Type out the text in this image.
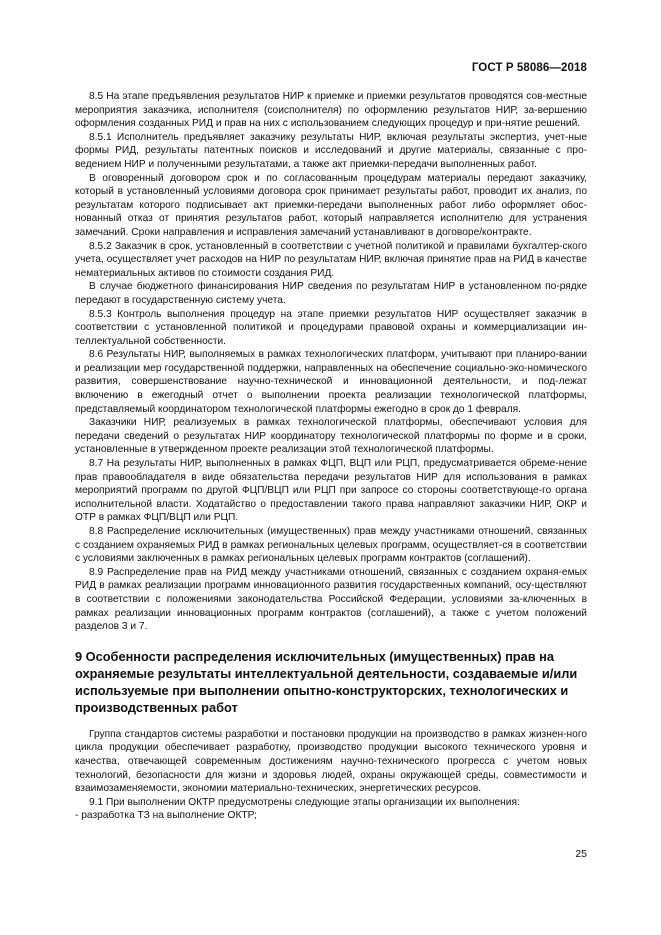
ГОСТ Р 58086—2018

8.5 На этапе предъявления результатов НИР к приемке и приемки результатов проводятся сов-местные мероприятия заказчика, исполнителя (соисполнителя) по оформлению результатов НИР, за-вершению оформления созданных РИД и прав на них с использованием следующих процедур и при-нятие решений.

8.5.1 Исполнитель предъявляет заказчику результаты НИР, включая результаты экспертиз, учет-ные формы РИД, результаты патентных поисков и исследований и другие материалы, связанные с про-ведением НИР и полученными результатами, а также акт приемки-передачи выполненных работ.

В оговоренный договором срок и по согласованным процедурам материалы передают заказчику, который в установленный условиями договора срок принимает результаты работ, проводит их анализ, по результатам которого подписывает акт приемки-передачи выполненных работ либо оформляет обос-нованный отказ от принятия результатов работ, который направляется исполнителю для устранения замечаний. Сроки направления и исправления замечаний устанавливают в договоре/контракте.

8.5.2 Заказчик в срок, установленный в соответствии с учетной политикой и правилами бухгалтер-ского учета, осуществляет учет расходов на НИР по результатам НИР, включая принятие прав на РИД в качестве нематериальных активов по стоимости создания РИД.

В случае бюджетного финансирования НИР сведения по результатам НИР в установленном по-рядке передают в государственную систему учета.

8.5.3 Контроль выполнения процедур на этапе приемки результатов НИР осуществляет заказчик в соответствии с установленной политикой и процедурами правовой охраны и коммерциализации ин-теллектуальной собственности.

8.6 Результаты НИР, выполняемых в рамках технологических платформ, учитывают при планиро-вании и реализации мер государственной поддержки, направленных на обеспечение социально-эко-номического развития, совершенствование научно-технической и инновационной деятельности, и под-лежат включению в ежегодный отчет о выполнении проекта реализации технологической платформы, представляемый координатором технологической платформы ежегодно в срок до 1 февраля.

Заказчики НИР, реализуемых в рамках технологической платформы, обеспечивают условия для передачи сведений о результатах НИР координатору технологической платформы по форме и в сроки, установленные в утвержденном проекте реализации этой технологической платформы.

8.7 На результаты НИР, выполненных в рамках ФЦП, ВЦП или РЦП, предусматривается обреме-нение прав правообладателя в виде обязательства передачи результатов НИР для использования в рамках мероприятий программ по другой ФЦП/ВЦП или РЦП при запросе со стороны соответствующе-го органа исполнительной власти. Ходатайство о предоставлении такого права направляют заказчики НИР, ОКР и ОТР в рамках ФЦП/ВЦП или РЦП.

8.8 Распределение исключительных (имущественных) прав между участниками отношений, связанных с созданием охраняемых РИД в рамках региональных целевых программ, осуществляет-ся в соответствии с условиями заключенных в рамках региональных целевых программ контрактов (соглашений).

8.9 Распределение прав на РИД между участниками отношений, связанных с созданием охраня-емых РИД в рамках реализации программ инновационного развития государственных компаний, осу-ществляют в соответствии с положениями законодательства Российской Федерации, условиями за-ключенных в рамках реализации инновационных программ контрактов (соглашений), а также с учетом положений разделов 3 и 7.

9 Особенности распределения исключительных (имущественных) прав на охраняемые результаты интеллектуальной деятельности, создаваемые и/или используемые при выполнении опытно-конструкторских, технологических и производственных работ

Группа стандартов системы разработки и постановки продукции на производство в рамках жизнен-ного цикла продукции обеспечивает разработку, производство продукции высокого технического уровня и качества, отвечающей современным достижениям научно-технического прогресса с учетом новых технологий, безопасности для жизни и здоровья людей, охраны окружающей среды, совместимости и взаимозаменяемости, экономии материально-технических, энергетических ресурсов.

9.1 При выполнении ОКТР предусмотрены следующие этапы организации их выполнения:

- разработка ТЗ на выполнение ОКТР;

25
